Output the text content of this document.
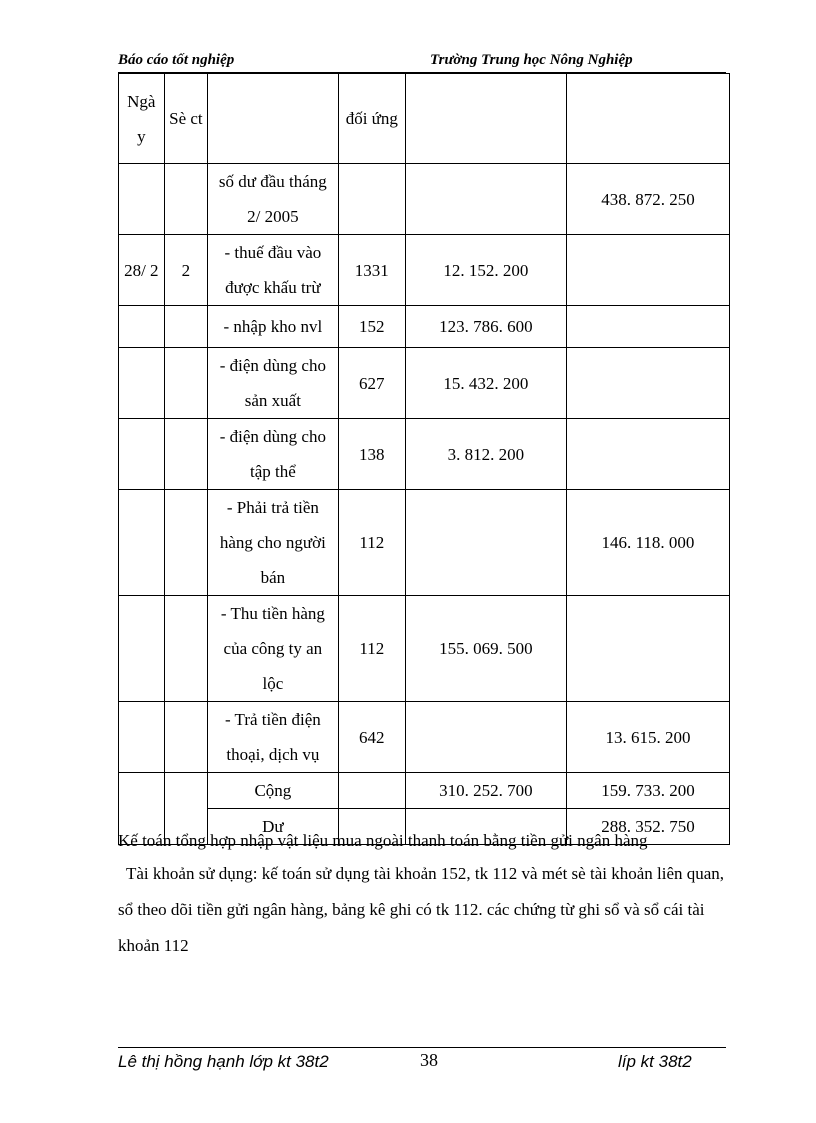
Báo cáo tốt nghiệp	Trường Trung học Nông Nghiệp
Ngà y	Sè ct		đối ứng		
		số dư đầu tháng 2/ 2005			438. 872. 250
28/ 2	2	- thuế đầu vào được khấu trừ	1331	12. 152. 200	
		- nhập kho nvl	152	123. 786. 600	
		- điện dùng cho sản xuất	627	15. 432. 200	
		- điện dùng cho tập thể	138	3. 812. 200	
		- Phải trả tiền hàng cho người bán	112		146. 118. 000
		- Thu tiền hàng của công ty an lộc	112	155. 069. 500	
		- Trả tiền điện thoại, dịch vụ	642		13. 615. 200
		Cộng		310. 252. 700	159. 733. 200
		Dư			288. 352. 750
Kế toán tổng hợp nhập vật liệu mua ngoài thanh toán bằng tiền gửi ngân hàng
Tài khoản sử dụng: kế toán sử dụng tài khoản 152, tk 112 và mét sè tài khoản liên quan, sổ theo dõi tiền gửi ngân hàng, bảng kê ghi có tk 112. các chứng từ ghi sổ và sổ cái tài khoản 112
Lê thị hồng hạnh lớp kt 38t2	38	líp kt 38t2
